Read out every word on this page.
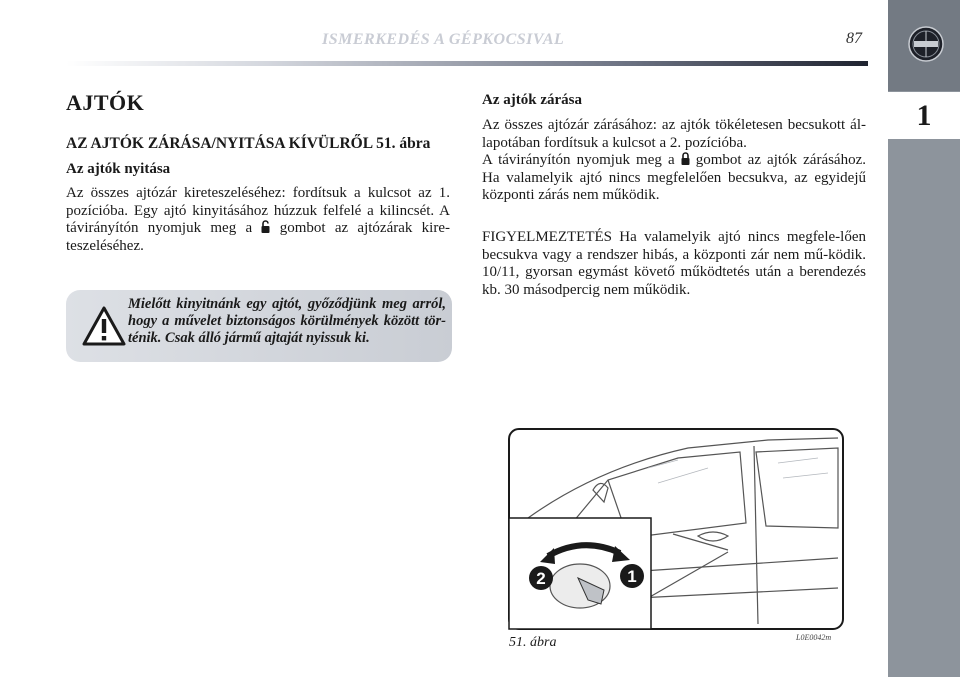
ISMERKEDÉS A GÉPKOCSIVAL	87
1
AJTÓK
AZ AJTÓK ZÁRÁSA/NYITÁSA KÍVÜLRŐL 51. ábra
Az ajtók nyitása
Az összes ajtózár kireteszeléséhez: fordítsuk a kulcsot az 1. pozícióba. Egy ajtó kinyitásához húzzuk felfelé a kilincsét. A távirányítón nyomjuk meg a  gombot az ajtózárak kire-teszeléséhez.
Mielőtt kinyitnánk egy ajtót, győződjünk meg arról, hogy a művelet biztonságos körülmények között tör-ténik. Csak álló jármű ajtaját nyissuk ki.
Az ajtók zárása
Az összes ajtózár zárásához: az ajtók tökéletesen becsukott ál-lapotában fordítsuk a kulcsot a 2. pozícióba.
A távirányítón nyomjuk meg a  gombot az ajtók zárásához. Ha valamelyik ajtó nincs megfelelően becsukva, az egyidejű központi zárás nem működik.
FIGYELMEZTETÉS Ha valamelyik ajtó nincs megfele-lően becsukva vagy a rendszer hibás, a központi zár nem mű-ködik. 10/11, gyorsan egymást követő működtetés után a berendezés kb. 30 másodpercig nem működik.
2	1
L0E0042m
51. ábra
